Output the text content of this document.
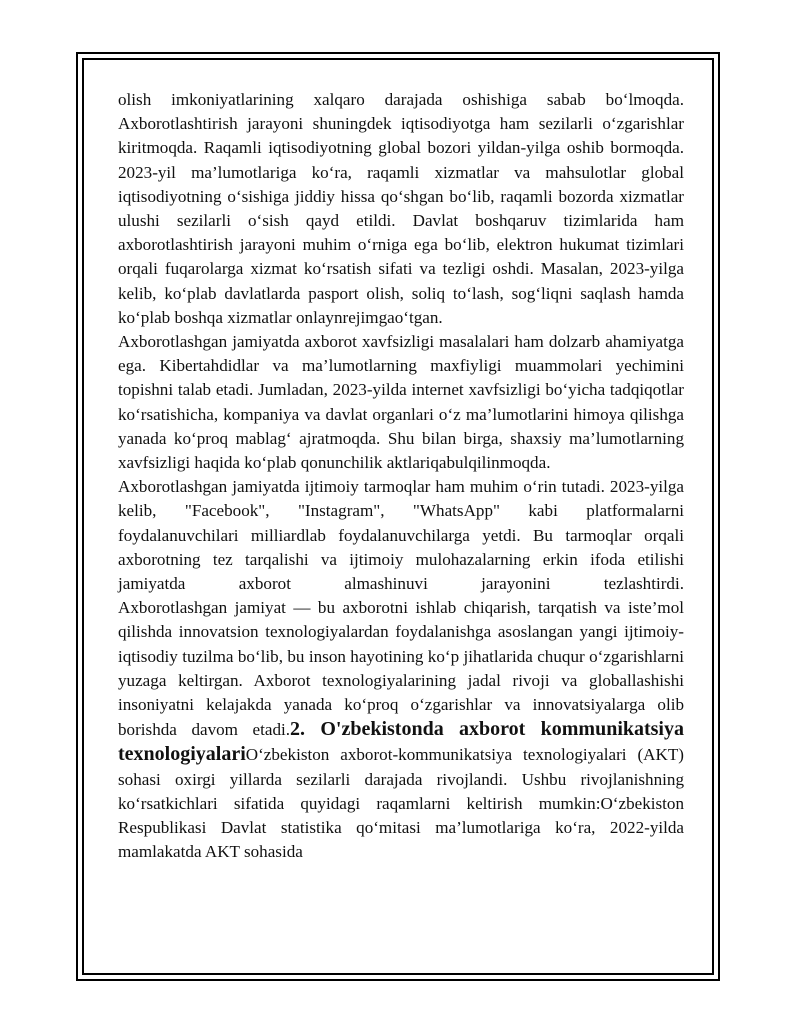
olish imkoniyatlarining xalqaro darajada oshishiga sabab bo‘lmoqda. Axborotlashtirish jarayoni shuningdek iqtisodiyotga ham sezilarli o‘zgarishlar kiritmoqda. Raqamli iqtisodiyotning global bozori yildan-yilga oshib bormoqda. 2023-yil ma’lumotlariga ko‘ra, raqamli xizmatlar va mahsulotlar global iqtisodiyotning o‘sishiga jiddiy hissa qo‘shgan bo‘lib, raqamli bozorda xizmatlar ulushi sezilarli o‘sish qayd etildi. Davlat boshqaruv tizimlarida ham axborotlashtirish jarayoni muhim o‘rniga ega bo‘lib, elektron hukumat tizimlari orqali fuqarolarga xizmat ko‘rsatish sifati va tezligi oshdi. Masalan, 2023-yilga kelib, ko‘plab davlatlarda pasport olish, soliq to‘lash, sog‘liqni saqlash hamda ko‘plab boshqa xizmatlar onlaynrejimgao‘tgan.

Axborotlashgan jamiyatda axborot xavfsizligi masalalari ham dolzarb ahamiyatga ega. Kibertahdidlar va ma’lumotlarning maxfiyligi muammolari yechimini topishni talab etadi. Jumladan, 2023-yilda internet xavfsizligi bo‘yicha tadqiqotlar ko‘rsatishicha, kompaniya va davlat organlari o‘z ma’lumotlarini himoya qilishga yanada ko‘proq mablag‘ ajratmoqda. Shu bilan birga, shaxsiy ma’lumotlarning xavfsizligi haqida ko‘plab qonunchilik aktlariqabulqilinmoqda.

Axborotlashgan jamiyatda ijtimoiy tarmoqlar ham muhim o‘rin tutadi. 2023-yilga kelib, "Facebook", "Instagram", "WhatsApp" kabi platformalarni foydalanuvchilari milliardlab foydalanuvchilarga yetdi. Bu tarmoqlar orqali axborotning tez tarqalishi va ijtimoiy mulohazalarning erkin ifoda etilishi jamiyatda axborot almashinuvi jarayonini tezlashtirdi.

Axborotlashgan jamiyat — bu axborotni ishlab chiqarish, tarqatish va iste’mol qilishda innovatsion texnologiyalardan foydalanishga asoslangan yangi ijtimoiy-iqtisodiy tuzilma bo‘lib, bu inson hayotining ko‘p jihatlarida chuqur o‘zgarishlarni yuzaga keltirgan. Axborot texnologiyalarining jadal rivoji va globallashishi insoniyatni kelajakda yanada ko‘proq o‘zgarishlar va innovatsiyalarga olib borishda davom etadi.2. O'zbekistonda axborot kommunikatsiya texnologiyalariO‘zbekiston axborot-kommunikatsiya texnologiyalari (AKT) sohasi oxirgi yillarda sezilarli darajada rivojlandi. Ushbu rivojlanishning ko‘rsatkichlari sifatida quyidagi raqamlarni keltirish mumkin:O‘zbekiston Respublikasi Davlat statistika qo‘mitasi ma’lumotlariga ko‘ra, 2022-yilda mamlakatda AKT sohasida
